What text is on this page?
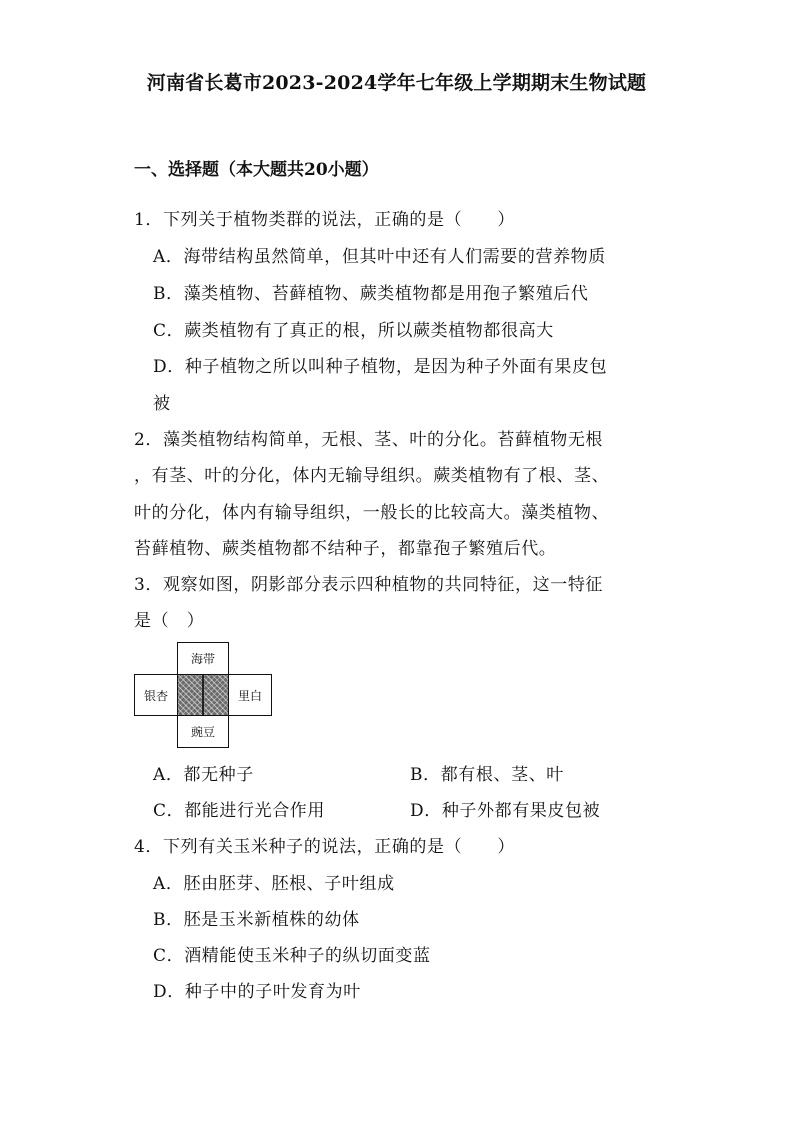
河南省长葛市2023-2024学年七年级上学期期末生物试题
一、选择题（本大题共20小题）
1．下列关于植物类群的说法，正确的是（　　）
A．海带结构虽然简单，但其叶中还有人们需要的营养物质
B．藻类植物、苔藓植物、蕨类植物都是用孢子繁殖后代
C．蕨类植物有了真正的根，所以蕨类植物都很高大
D．种子植物之所以叫种子植物，是因为种子外面有果皮包
被
2．藻类植物结构简单，无根、茎、叶的分化。苔藓植物无根
，有茎、叶的分化，体内无输导组织。蕨类植物有了根、茎、
叶的分化，体内有输导组织，一般长的比较高大。藻类植物、
苔藓植物、蕨类植物都不结种子，都靠孢子繁殖后代。
3．观察如图，阴影部分表示四种植物的共同特征，这一特征
是（　）
海带
银杏	里白
豌豆
A．都无种子	B．都有根、茎、叶
C．都能进行光合作用	D．种子外都有果皮包被
4．下列有关玉米种子的说法，正确的是（　　）
A．胚由胚芽、胚根、子叶组成
B．胚是玉米新植株的幼体
C．酒精能使玉米种子的纵切面变蓝
D．种子中的子叶发育为叶
